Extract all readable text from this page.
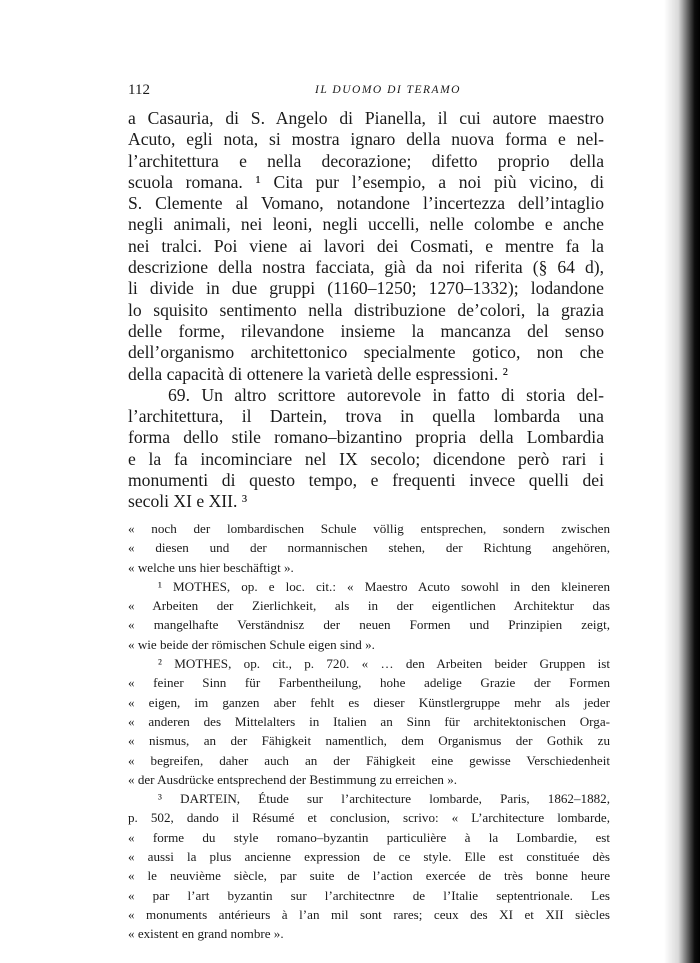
112	IL DUOMO DI TERAMO
a Casauria, di S. Angelo di Pianella, il cui autore maestro
Acuto, egli nota, si mostra ignaro della nuova forma e nel-
l’architettura e nella decorazione; difetto proprio della
scuola romana. ¹ Cita pur l’esempio, a noi più vicino, di
S. Clemente al Vomano, notandone l’incertezza dell’intaglio
negli animali, nei leoni, negli uccelli, nelle colombe e anche
nei tralci. Poi viene ai lavori dei Cosmati, e mentre fa la
descrizione della nostra facciata, già da noi riferita (§ 64 d),
li divide in due gruppi (1160–1250; 1270–1332); lodandone
lo squisito sentimento nella distribuzione de’colori, la grazia
delle forme, rilevandone insieme la mancanza del senso
dell’organismo architettonico specialmente gotico, non che
della capacità di ottenere la varietà delle espressioni. ²
69. Un altro scrittore autorevole in fatto di storia del-
l’architettura, il Dartein, trova in quella lombarda una
forma dello stile romano–bizantino propria della Lombardia
e la fa incominciare nel IX secolo; dicendone però rari i
monumenti di questo tempo, e frequenti invece quelli dei
secoli XI e XII. ³
« noch der lombardischen Schule völlig entsprechen, sondern zwischen
« diesen und der normannischen stehen, der Richtung angehören,
« welche uns hier beschäftigt ».
¹ MOTHES, op. e loc. cit.: « Maestro Acuto sowohl in den kleineren
« Arbeiten der Zierlichkeit, als in der eigentlichen Architektur das
« mangelhafte Verständnisz der neuen Formen und Prinzipien zeigt,
« wie beide der römischen Schule eigen sind ».
² MOTHES, op. cit., p. 720. « … den Arbeiten beider Gruppen ist
« feiner Sinn für Farbentheilung, hohe adelige Grazie der Formen
« eigen, im ganzen aber fehlt es dieser Künstlergruppe mehr als jeder
« anderen des Mittelalters in Italien an Sinn für architektonischen Orga-
« nismus, an der Fähigkeit namentlich, dem Organismus der Gothik zu
« begreifen, daher auch an der Fähigkeit eine gewisse Verschiedenheit
« der Ausdrücke entsprechend der Bestimmung zu erreichen ».
³ DARTEIN, Étude sur l’architecture lombarde, Paris, 1862–1882,
p. 502, dando il Résumé et conclusion, scrivo: « L’architecture lombarde,
« forme du style romano–byzantin particulière à la Lombardie, est
« aussi la plus ancienne expression de ce style. Elle est constituée dès
« le neuvième siècle, par suite de l’action exercée de très bonne heure
« par l’art byzantin sur l’architectnre de l’Italie septentrionale. Les
« monuments antérieurs à l’an mil sont rares; ceux des XI et XII siècles
« existent en grand nombre ».
